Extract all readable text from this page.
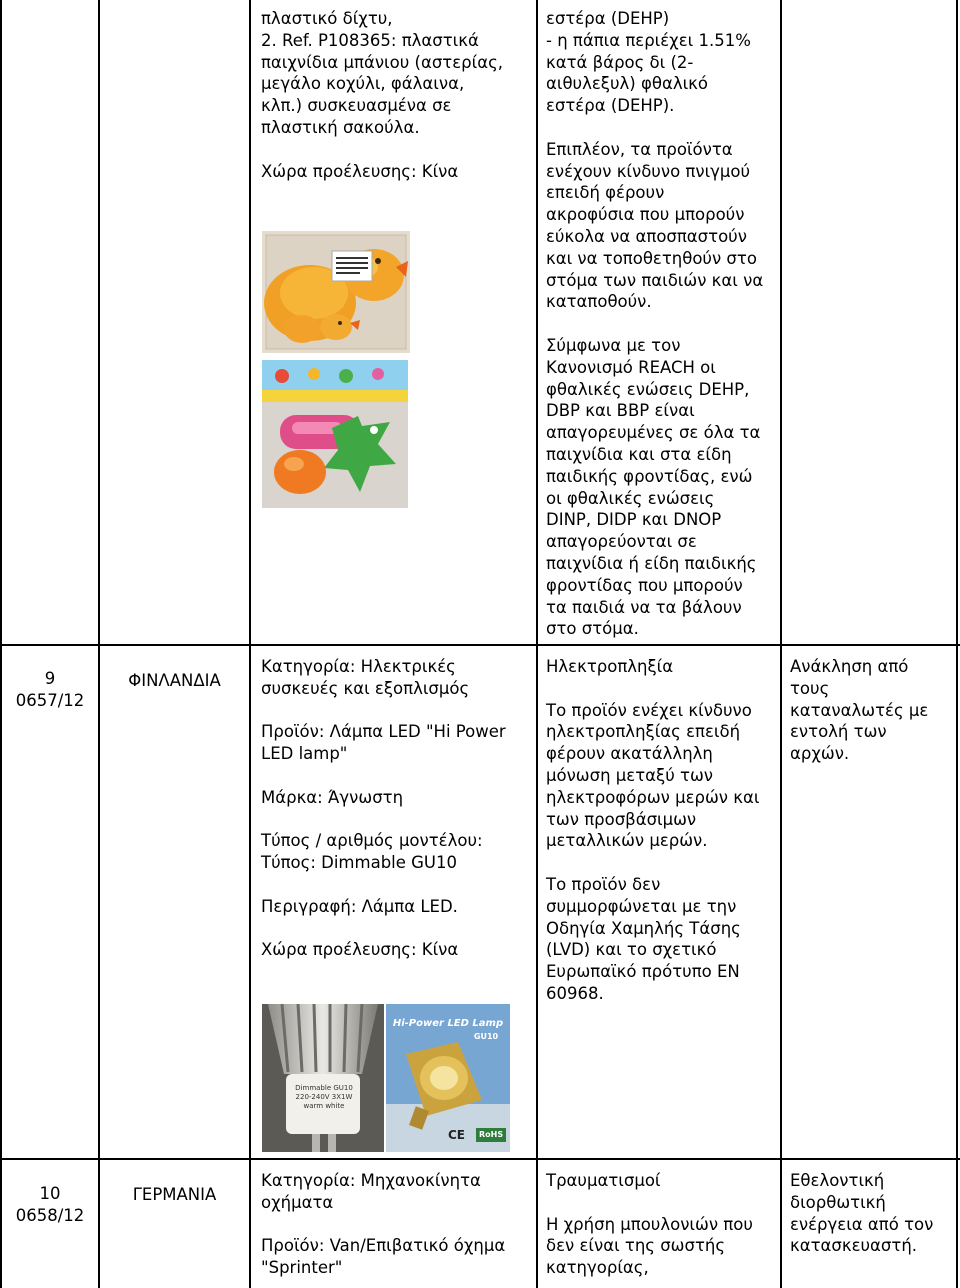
πλαστικό δίχτυ,
2. Ref. P108365: πλαστικά
παιχνίδια μπάνιου (αστερίας,
μεγάλο κοχύλι, φάλαινα,
κλπ.) συσκευασμένα σε
πλαστική σακούλα.

Χώρα προέλευσης: Κίνα

εστέρα (DEHP)
- η πάπια περιέχει 1.51%
κατά βάρος δι (2-
αιθυλεξυλ) φθαλικό
εστέρα (DEHP).

Επιπλέον, τα προϊόντα
ενέχουν κίνδυνο πνιγμού
επειδή φέρουν
ακροφύσια που μπορούν
εύκολα να αποσπαστούν
και να τοποθετηθούν στο
στόμα των παιδιών και να
καταποθούν.

Σύμφωνα με τον
Κανονισμό REACH οι
φθαλικές ενώσεις DEHP,
DBP και BBP είναι
απαγορευμένες σε όλα τα
παιχνίδια και στα είδη
παιδικής φροντίδας, ενώ
οι φθαλικές ενώσεις
DINP, DIDP και DNOP
απαγορεύονται σε
παιχνίδια ή είδη παιδικής
φροντίδας που μπορούν
τα παιδιά να τα βάλουν
στο στόμα.

9
0657/12
ΦΙΝΛΑΝΔΙΑ

Κατηγορία: Ηλεκτρικές
συσκευές και εξοπλισμός

Προϊόν: Λάμπα LED "Hi Power
LED lamp"

Μάρκα: Άγνωστη

Τύπος / αριθμός μοντέλου:
Τύπος: Dimmable GU10

Περιγραφή: Λάμπα LED.

Χώρα προέλευσης: Κίνα

Dimmable GU10
220-240V 3X1W
warm white
Hi-Power LED Lamp
GU10
CE	RoHS

Ηλεκτροπληξία

Το προϊόν ενέχει κίνδυνο
ηλεκτροπληξίας επειδή
φέρουν ακατάλληλη
μόνωση μεταξύ των
ηλεκτροφόρων μερών και
των προσβάσιμων
μεταλλικών μερών.

Το προϊόν δεν
συμμορφώνεται με την
Οδηγία Χαμηλής Τάσης
(LVD) και το σχετικό
Ευρωπαϊκό πρότυπο EN
60968.

Ανάκληση από
τους
καταναλωτές με
εντολή των
αρχών.
10
0658/12
ΓΕΡΜΑΝΙΑ

Κατηγορία: Μηχανοκίνητα
οχήματα

Προϊόν: Van/Επιβατικό όχημα
"Sprinter"

Τραυματισμοί

Η χρήση μπουλονιών που
δεν είναι της σωστής
κατηγορίας,

Εθελοντική
διορθωτική
ενέργεια από τον
κατασκευαστή.
